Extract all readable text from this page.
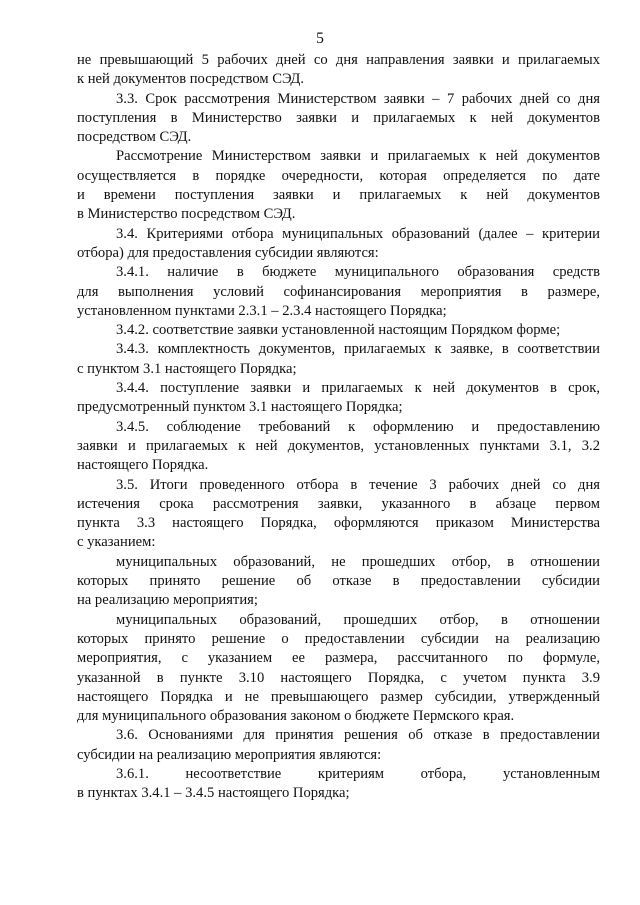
5
не превышающий 5 рабочих дней со дня направления заявки и прилагаемых
к ней документов посредством СЭД.
3.3. Срок рассмотрения Министерством заявки – 7 рабочих дней со дня
поступления в Министерство заявки и прилагаемых к ней документов
посредством СЭД.
Рассмотрение Министерством заявки и прилагаемых к ней документов
осуществляется в порядке очередности, которая определяется по дате
и времени поступления заявки и прилагаемых к ней документов
в Министерство посредством СЭД.
3.4. Критериями отбора муниципальных образований (далее – критерии
отбора) для предоставления субсидии являются:
3.4.1. наличие в бюджете муниципального образования средств
для выполнения условий софинансирования мероприятия в размере,
установленном пунктами 2.3.1 – 2.3.4 настоящего Порядка;
3.4.2. соответствие заявки установленной настоящим Порядком форме;
3.4.3. комплектность документов, прилагаемых к заявке, в соответствии
с пунктом 3.1 настоящего Порядка;
3.4.4. поступление заявки и прилагаемых к ней документов в срок,
предусмотренный пунктом 3.1 настоящего Порядка;
3.4.5. соблюдение требований к оформлению и предоставлению
заявки и прилагаемых к ней документов, установленных пунктами 3.1, 3.2
настоящего Порядка.
3.5. Итоги проведенного отбора в течение 3 рабочих дней со дня
истечения срока рассмотрения заявки, указанного в абзаце первом
пункта 3.3 настоящего Порядка, оформляются приказом Министерства
с указанием:
муниципальных образований, не прошедших отбор, в отношении
которых принято решение об отказе в предоставлении субсидии
на реализацию мероприятия;
муниципальных образований, прошедших отбор, в отношении
которых принято решение о предоставлении субсидии на реализацию
мероприятия, с указанием ее размера, рассчитанного по формуле,
указанной в пункте 3.10 настоящего Порядка, с учетом пункта 3.9
настоящего Порядка и не превышающего размер субсидии, утвержденный
для муниципального образования законом о бюджете Пермского края.
3.6. Основаниями для принятия решения об отказе в предоставлении
субсидии на реализацию мероприятия являются:
3.6.1. несоответствие критериям отбора, установленным
в пунктах 3.4.1 – 3.4.5 настоящего Порядка;
